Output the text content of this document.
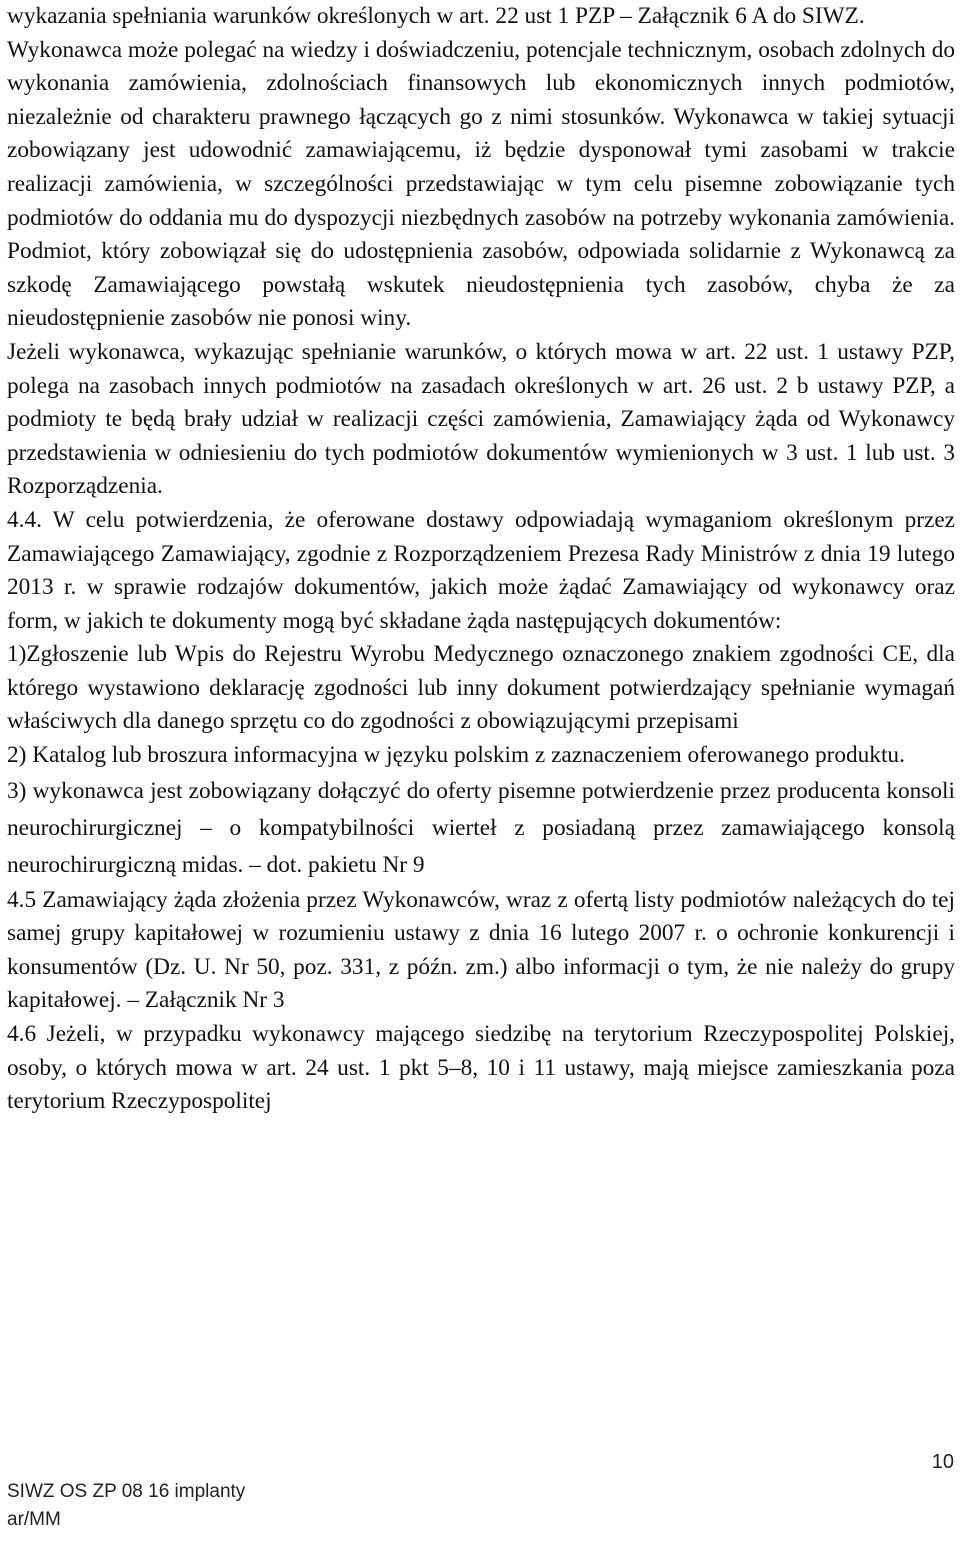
wykazania spełniania warunków określonych w art. 22 ust 1 PZP – Załącznik 6 A do SIWZ.

Wykonawca może polegać na wiedzy i doświadczeniu, potencjale technicznym, osobach zdolnych do wykonania zamówienia, zdolnościach finansowych lub ekonomicznych innych podmiotów, niezależnie od charakteru prawnego łączących go z nimi stosunków. Wykonawca w takiej sytuacji zobowiązany jest udowodnić zamawiającemu, iż będzie dysponował tymi zasobami w trakcie realizacji zamówienia, w szczególności przedstawiając w tym celu pisemne zobowiązanie tych podmiotów do oddania mu do dyspozycji niezbędnych zasobów na potrzeby wykonania zamówienia. Podmiot, który zobowiązał się do udostępnienia zasobów, odpowiada solidarnie z Wykonawcą za szkodę Zamawiającego powstałą wskutek nieudostępnienia tych zasobów, chyba że za nieudostępnienie zasobów nie ponosi winy.

Jeżeli wykonawca, wykazując spełnianie warunków, o których mowa w art. 22 ust. 1 ustawy PZP, polega na zasobach innych podmiotów na zasadach określonych w art. 26 ust. 2 b ustawy PZP, a podmioty te będą brały udział w realizacji części zamówienia, Zamawiający żąda od Wykonawcy przedstawienia w odniesieniu do tych podmiotów dokumentów wymienionych w 3 ust. 1 lub ust. 3 Rozporządzenia.

4.4. W celu potwierdzenia, że oferowane dostawy odpowiadają wymaganiom określonym przez Zamawiającego Zamawiający, zgodnie z Rozporządzeniem Prezesa Rady Ministrów z dnia 19 lutego 2013 r. w sprawie rodzajów dokumentów, jakich może żądać Zamawiający od wykonawcy oraz form, w jakich te dokumenty mogą być składane żąda następujących dokumentów:

1)Zgłoszenie lub Wpis do Rejestru Wyrobu Medycznego oznaczonego znakiem zgodności CE, dla którego wystawiono deklarację zgodności lub inny dokument potwierdzający spełnianie wymagań właściwych dla danego sprzętu co do zgodności z obowiązującymi przepisami

2) Katalog lub broszura informacyjna w języku polskim z zaznaczeniem oferowanego produktu.

3) wykonawca jest zobowiązany dołączyć do oferty pisemne potwierdzenie przez producenta konsoli neurochirurgicznej – o kompatybilności wierteł z posiadaną przez zamawiającego konsolą neurochirurgiczną midas. – dot. pakietu Nr 9

4.5 Zamawiający żąda złożenia przez Wykonawców, wraz z ofertą listy podmiotów należących do tej samej grupy kapitałowej w rozumieniu ustawy z dnia 16 lutego 2007 r. o ochronie konkurencji i konsumentów (Dz. U. Nr 50, poz. 331, z późn. zm.) albo informacji o tym, że nie należy do grupy kapitałowej. – Załącznik Nr 3

4.6 Jeżeli, w przypadku wykonawcy mającego siedzibę na terytorium Rzeczypospolitej Polskiej, osoby, o których mowa w art. 24 ust. 1 pkt 5–8, 10 i 11 ustawy, mają miejsce zamieszkania poza terytorium Rzeczypospolitej

10
SIWZ OS ZP 08 16 implanty
ar/MM
